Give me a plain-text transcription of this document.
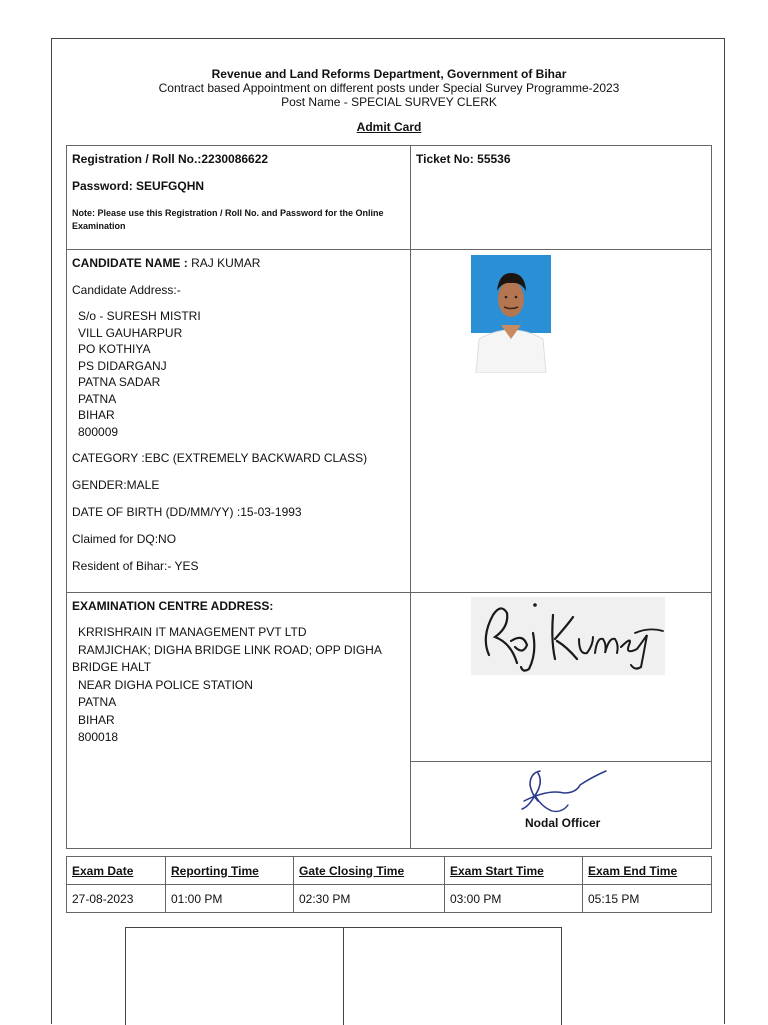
Revenue and Land Reforms Department, Government of Bihar
Contract based Appointment on different posts under Special Survey Programme-2023
Post Name - SPECIAL SURVEY CLERK
Admit Card
Registration / Roll No.:2230086622
Password: SEUFGQHN
Note: Please use this Registration / Roll No. and Password for the Online Examination
Ticket No: 55536
CANDIDATE NAME : RAJ KUMAR
Candidate Address:-
S/o - SURESH MISTRI
VILL GAUHARPUR
PO KOTHIYA
PS DIDARGANJ
PATNA SADAR
PATNA
BIHAR
800009
CATEGORY :EBC (EXTREMELY BACKWARD CLASS)
GENDER:MALE
DATE OF BIRTH (DD/MM/YY) :15-03-1993
Claimed for DQ:NO
Resident of Bihar:- YES
EXAMINATION CENTRE ADDRESS:
KRRISHRAIN IT MANAGEMENT PVT LTD
RAMJICHAK; DIGHA BRIDGE LINK ROAD; OPP DIGHA
BRIDGE HALT
NEAR DIGHA POLICE STATION
PATNA
BIHAR
800018
Nodal Officer
Exam Date	Reporting Time	Gate Closing Time	Exam Start Time	Exam End Time
27-08-2023	01:00 PM	02:30 PM	03:00 PM	05:15 PM
